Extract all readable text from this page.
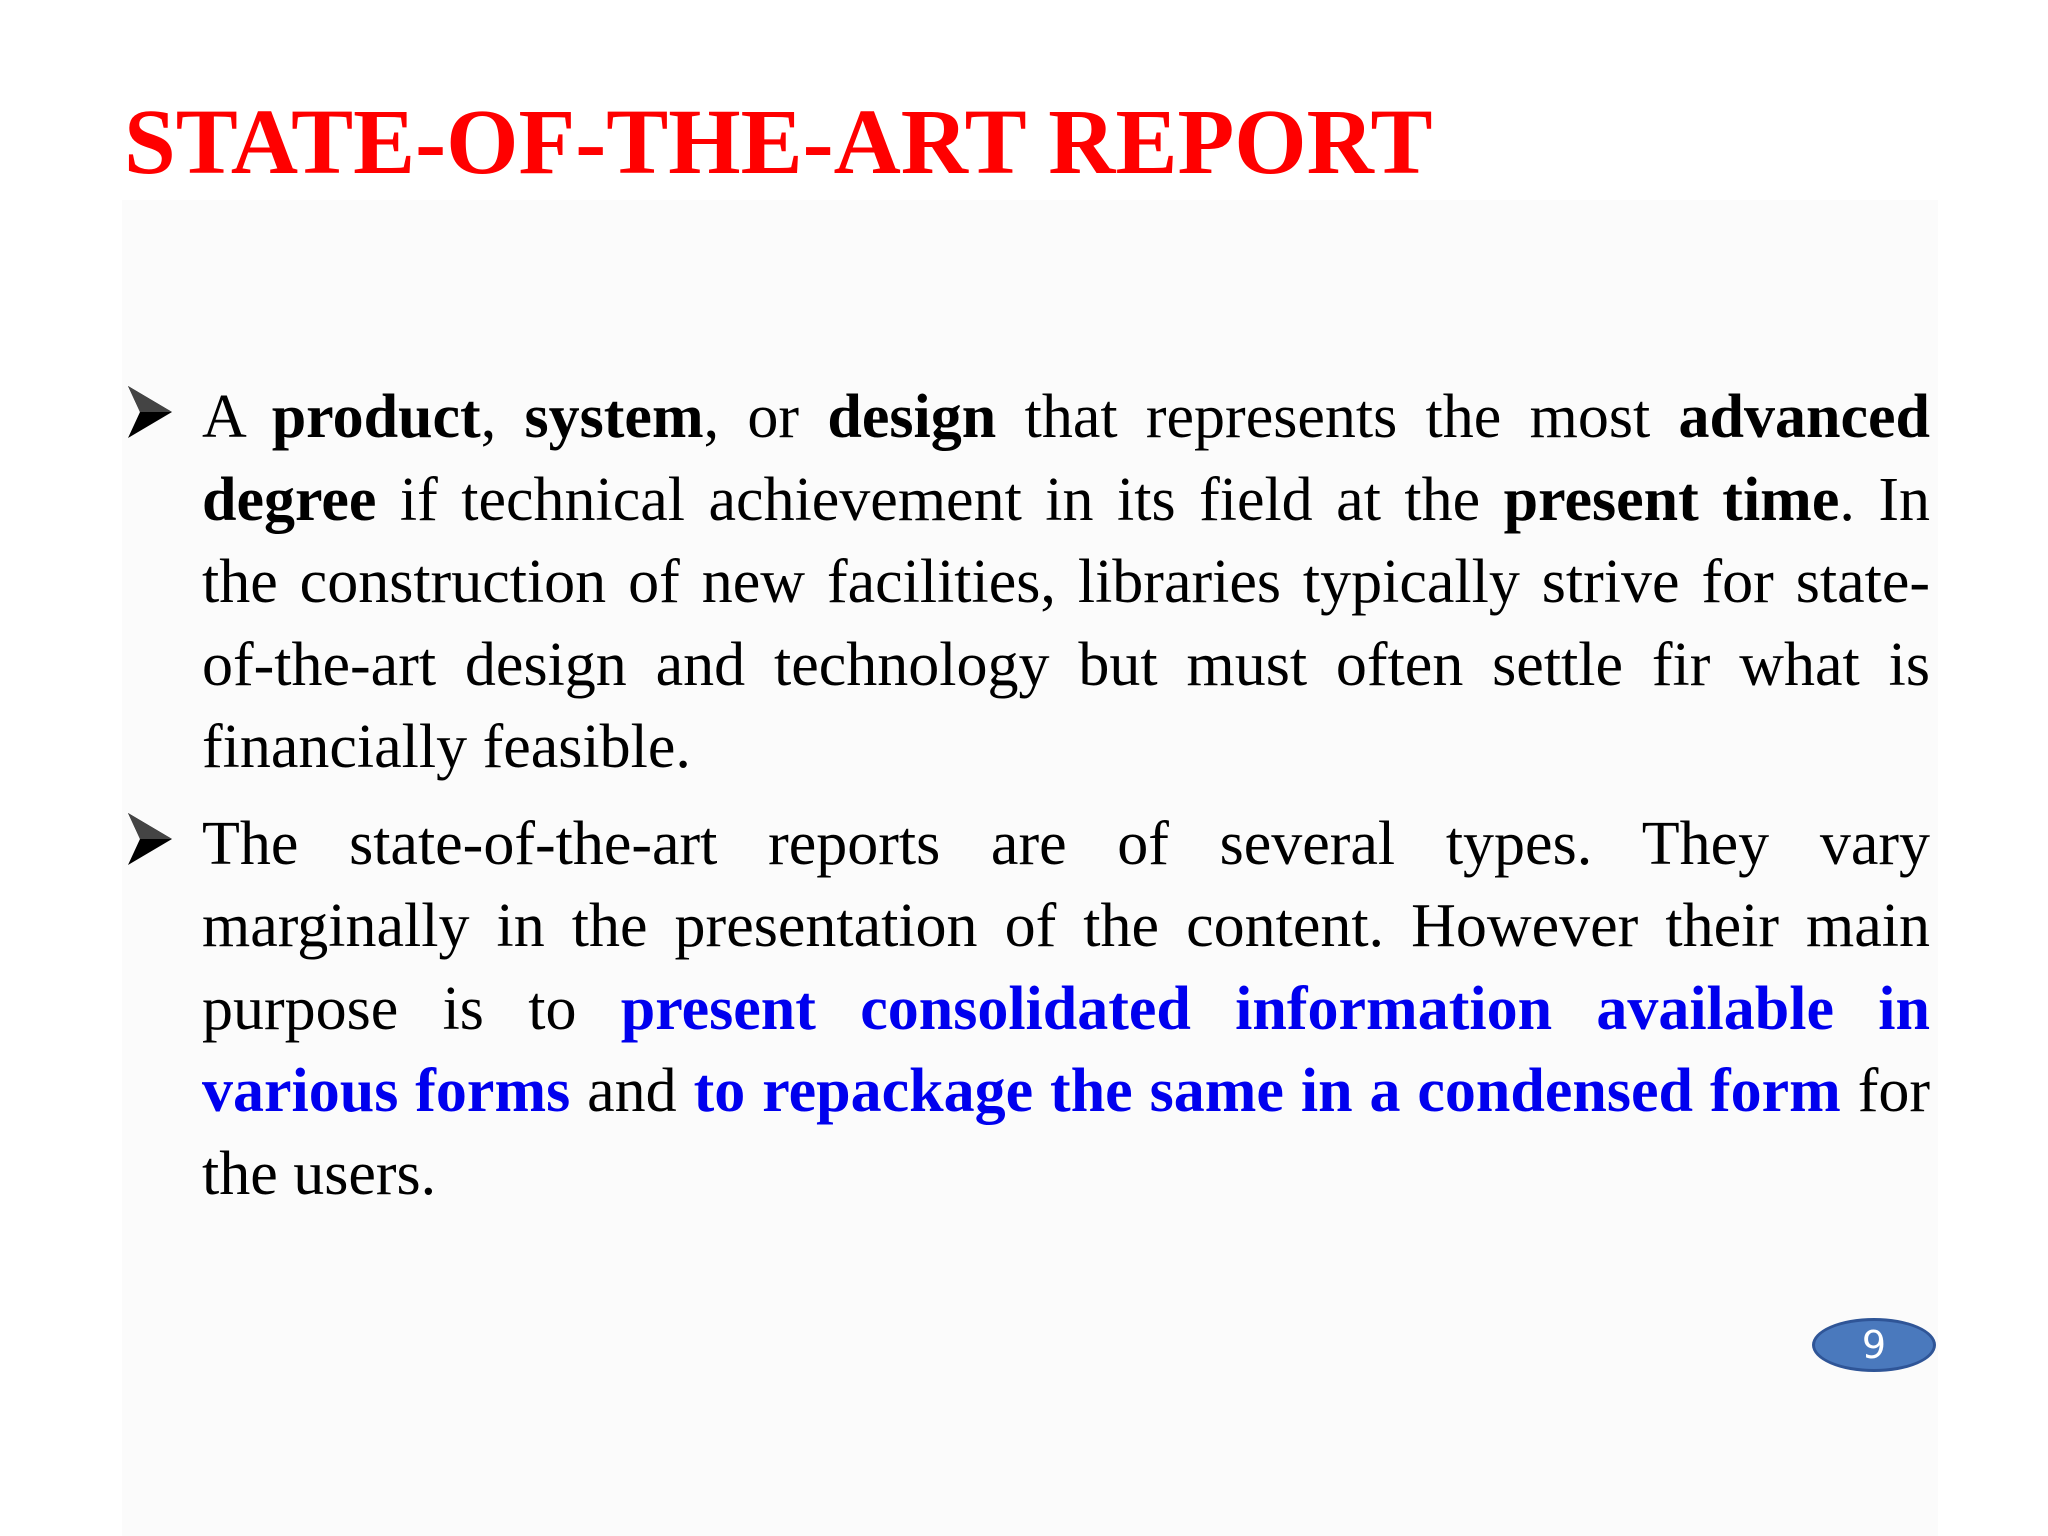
STATE-OF-THE-ART REPORT
A product, system, or design that represents the most advanced degree if technical achievement in its field at the present time. In the construction of new facilities, libraries typically strive for state-of-the-art design and technology but must often settle fir what is financially feasible.
The state-of-the-art reports are of several types. They vary marginally in the presentation of the content. However their main purpose is to present consolidated information available in various forms and to repackage the same in a condensed form for the users.
9
